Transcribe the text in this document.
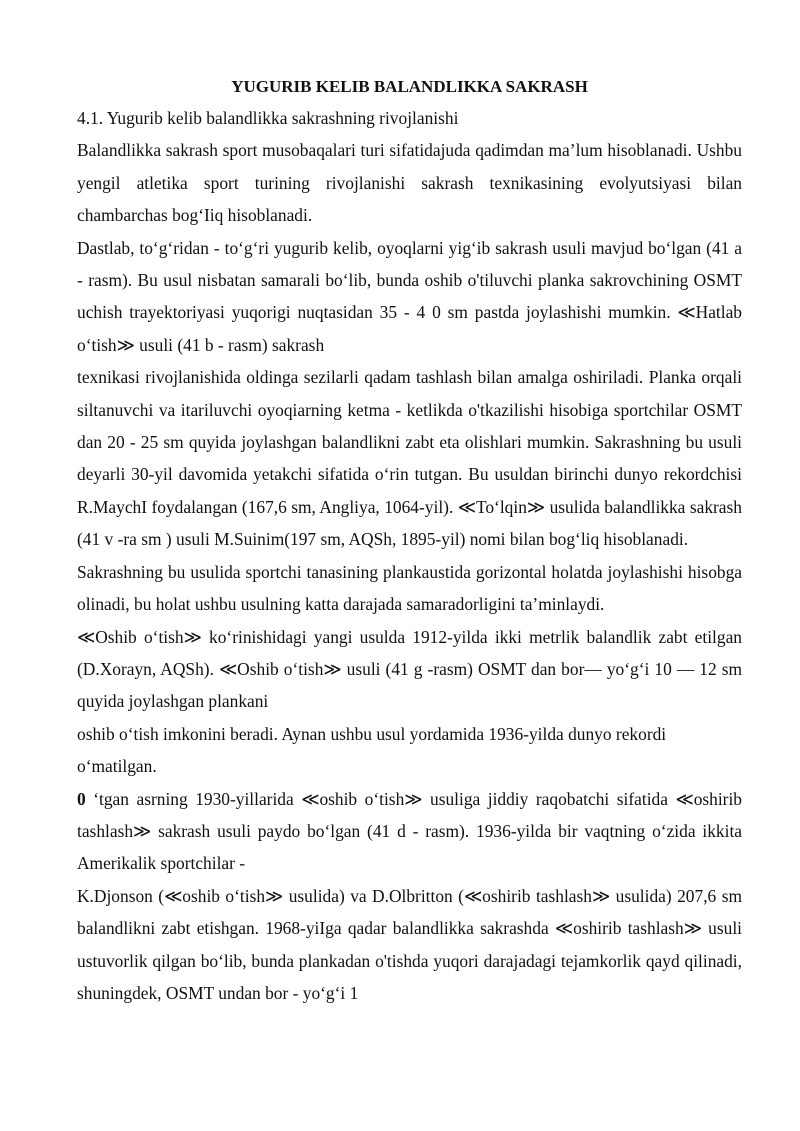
YUGURIB KELIB BALANDLIKKA SAKRASH

4.1. Yugurib kelib balandlikka sakrashning rivojlanishi

Balandlikka sakrash sport musobaqalari turi sifatidajuda qadimdan ma’lum hisoblanadi. Ushbu yengil atletika sport turining rivojlanishi sakrash texnikasining evolyutsiyasi bilan chambarchas bog‘Iiq hisoblanadi.

Dastlab, to‘g‘ridan - to‘g‘ri yugurib kelib, oyoqlarni yig‘ib sakrash usuli mavjud bo‘lgan (41 a - rasm). Bu usul nisbatan samarali bo‘lib, bunda oshib o'tiluvchi planka sakrovchining OSMT uchish trayektoriyasi yuqorigi nuqtasidan 35 - 4 0 sm pastda joylashishi mumkin. ≪Hatlab o‘tish≫ usuli (41 b - rasm) sakrash

texnikasi rivojlanishida oldinga sezilarli qadam tashlash bilan amalga oshiriladi. Planka orqali siltanuvchi va itariluvchi oyoqiarning ketma - ketlikda o'tkazilishi hisobiga sportchilar OSMT dan 20 - 25 sm quyida joylashgan balandlikni zabt eta olishlari mumkin. Sakrashning bu usuli deyarli 30-yil davomida yetakchi sifatida o‘rin tutgan. Bu usuldan birinchi dunyo rekordchisi R.MaychI foydalangan (167,6 sm, Angliya, 1064-yil). ≪To‘lqin≫ usulida balandlikka sakrash (41 v -ra sm ) usuli M.Suinim(197 sm, AQSh, 1895-yil) nomi bilan bog‘liq hisoblanadi.

Sakrashning bu usulida sportchi tanasining plankaustida gorizontal holatda joylashishi hisobga olinadi, bu holat ushbu usulning katta darajada samaradorligini ta’minlaydi.

≪Oshib o‘tish≫ ko‘rinishidagi yangi usulda 1912-yilda ikki metrlik balandlik zabt etilgan (D.Xorayn, AQSh). ≪Oshib o‘tish≫ usuli (41 g -rasm) OSMT dan bor— yo‘g‘i 10 — 12 sm quyida joylashgan plankani

oshib o‘tish imkonini beradi. Aynan ushbu usul yordamida 1936-yilda dunyo rekordi o‘matilgan.

0 ‘tgan asrning 1930-yillarida ≪oshib o‘tish≫ usuliga jiddiy raqobatchi sifatida ≪oshirib tashlash≫ sakrash usuli paydo bo‘lgan (41 d - rasm). 1936-yilda bir vaqtning o‘zida ikkita Amerikalik sportchilar -

K.Djonson (≪oshib o‘tish≫ usulida) va D.Olbritton (≪oshirib tashlash≫ usulida) 207,6 sm balandlikni zabt etishgan. 1968-yiIga qadar balandlikka sakrashda ≪oshirib tashlash≫ usuli ustuvorlik qilgan bo‘lib, bunda plankadan o'tishda yuqori darajadagi tejamkorlik qayd qilinadi, shuningdek, OSMT undan bor - yo‘g‘i 1
